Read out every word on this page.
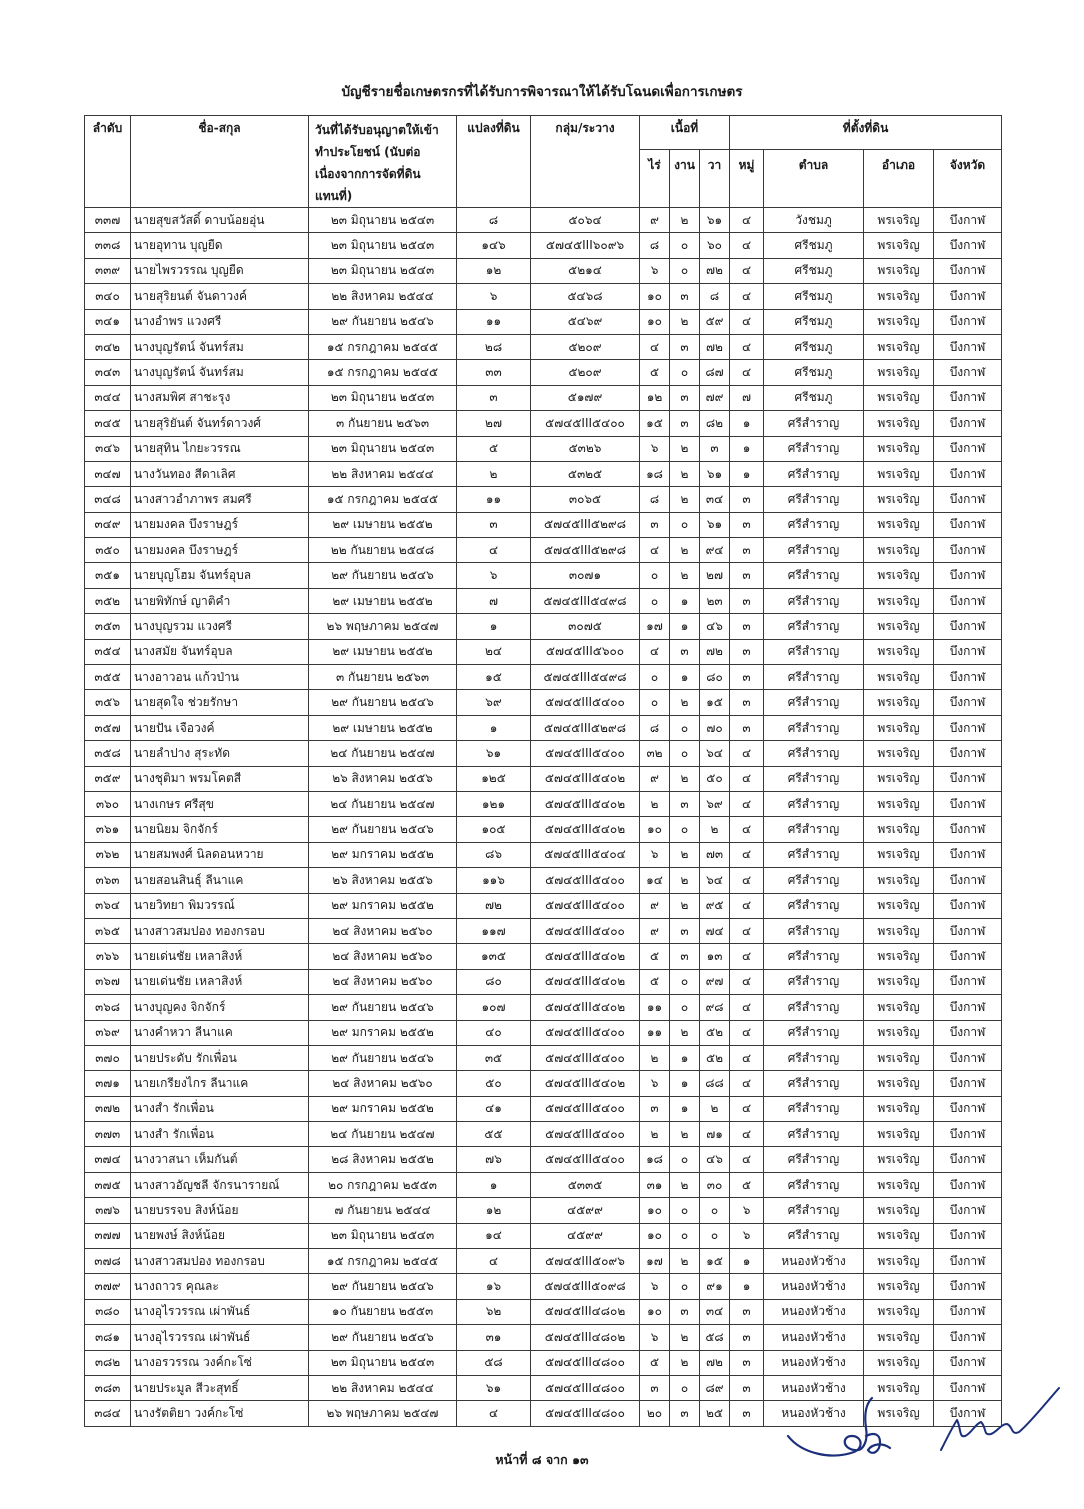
บัญชีรายชื่อเกษตรกรที่ได้รับการพิจารณาให้ได้รับโฉนดเพื่อการเกษตร
ลำดับ	ชื่อ-สกุล	วันที่ได้รับอนุญาตให้เข้าทำประโยชน์ (นับต่อเนื่องจากการจัดที่ดินแทนที่)	แปลงที่ดิน	กลุ่ม/ระวาง	เนื้อที่			ที่ตั้งที่ดิน			
					ไร่	งาน	วา	หมู่	ตำบล	อำเภอ	จังหวัด
๓๓๗	นายสุขสวัสดิ์ ดาบน้อยอุ่น	๒๓ มิถุนายน ๒๕๔๓	๘	๕๐๖๔	๙	๒	๖๑	๔	วังชมภู	พรเจริญ	บึงกาฬ
๓๓๘	นายอุทาน บุญยืด	๒๓ มิถุนายน ๒๕๔๓	๑๔๖	๕๗๔๕III๖๐๙๖	๘	๐	๖๐	๔	ศรีชมภู	พรเจริญ	บึงกาฬ
๓๓๙	นายไพรวรรณ บุญยืด	๒๓ มิถุนายน ๒๕๔๓	๑๒	๕๒๑๔	๖	๐	๗๒	๔	ศรีชมภู	พรเจริญ	บึงกาฬ
๓๔๐	นายสุริยนต์ จันดาวงค์	๒๒ สิงหาคม ๒๕๔๔	๖	๕๔๖๘	๑๐	๓	๘	๔	ศรีชมภู	พรเจริญ	บึงกาฬ
๓๔๑	นางอำพร แวงศรี	๒๙ กันยายน ๒๕๔๖	๑๑	๕๔๖๙	๑๐	๒	๕๙	๔	ศรีชมภู	พรเจริญ	บึงกาฬ
๓๔๒	นางบุญรัตน์ จันทร์สม	๑๕ กรกฎาคม ๒๕๔๕	๒๘	๕๒๐๙	๔	๓	๗๒	๔	ศรีชมภู	พรเจริญ	บึงกาฬ
๓๔๓	นางบุญรัตน์ จันทร์สม	๑๕ กรกฎาคม ๒๕๔๕	๓๓	๕๒๐๙	๕	๐	๘๗	๔	ศรีชมภู	พรเจริญ	บึงกาฬ
๓๔๔	นางสมพิศ สาชะรุง	๒๓ มิถุนายน ๒๕๔๓	๓	๕๑๗๙	๑๒	๓	๗๙	๗	ศรีชมภู	พรเจริญ	บึงกาฬ
๓๔๕	นายสุริยันต์ จันทร์ดาวงศ์	๓ กันยายน ๒๕๖๓	๒๗	๕๗๔๕III๕๔๐๐	๑๕	๓	๘๒	๑	ศรีสำราญ	พรเจริญ	บึงกาฬ
๓๔๖	นายสุทิน ไกยะวรรณ	๒๓ มิถุนายน ๒๕๔๓	๕	๕๓๒๖	๖	๒	๓	๑	ศรีสำราญ	พรเจริญ	บึงกาฬ
๓๔๗	นางวันทอง สีดาเลิศ	๒๒ สิงหาคม ๒๕๔๔	๒	๕๓๒๕	๑๘	๒	๖๑	๑	ศรีสำราญ	พรเจริญ	บึงกาฬ
๓๔๘	นางสาวอำภาพร สมศรี	๑๕ กรกฎาคม ๒๕๔๕	๑๑	๓๐๖๕	๘	๒	๓๔	๓	ศรีสำราญ	พรเจริญ	บึงกาฬ
๓๔๙	นายมงคล บึงราษฎร์	๒๙ เมษายน ๒๕๕๒	๓	๕๗๔๕III๕๒๙๘	๓	๐	๖๑	๓	ศรีสำราญ	พรเจริญ	บึงกาฬ
๓๕๐	นายมงคล บึงราษฎร์	๒๒ กันยายน ๒๕๔๘	๔	๕๗๔๕III๕๒๙๘	๔	๒	๙๔	๓	ศรีสำราญ	พรเจริญ	บึงกาฬ
๓๕๑	นายบุญโฮม จันทร์อุบล	๒๙ กันยายน ๒๕๔๖	๖	๓๐๗๑	๐	๒	๒๗	๓	ศรีสำราญ	พรเจริญ	บึงกาฬ
๓๕๒	นายพิทักษ์ ญาติคำ	๒๙ เมษายน ๒๕๕๒	๗	๕๗๔๕III๕๔๙๘	๐	๑	๒๓	๓	ศรีสำราญ	พรเจริญ	บึงกาฬ
๓๕๓	นางบุญรวม แวงศรี	๒๖ พฤษภาคม ๒๕๔๗	๑	๓๐๗๕	๑๗	๑	๔๖	๓	ศรีสำราญ	พรเจริญ	บึงกาฬ
๓๕๔	นางสมัย จันทร์อุบล	๒๙ เมษายน ๒๕๕๒	๒๔	๕๗๔๕III๕๖๐๐	๔	๓	๗๒	๓	ศรีสำราญ	พรเจริญ	บึงกาฬ
๓๕๕	นางอาวอน แก้วป่าน	๓ กันยายน ๒๕๖๓	๑๕	๕๗๔๕III๕๔๙๘	๐	๑	๘๐	๓	ศรีสำราญ	พรเจริญ	บึงกาฬ
๓๕๖	นายสุดใจ ช่วยรักษา	๒๙ กันยายน ๒๕๔๖	๖๙	๕๗๔๕III๕๔๐๐	๐	๒	๑๕	๓	ศรีสำราญ	พรเจริญ	บึงกาฬ
๓๕๗	นายปัน เจือวงค์	๒๙ เมษายน ๒๕๕๒	๑	๕๗๔๕III๕๒๙๘	๘	๐	๗๐	๓	ศรีสำราญ	พรเจริญ	บึงกาฬ
๓๕๘	นายลำปาง สุระทัด	๒๔ กันยายน ๒๕๔๗	๖๑	๕๗๔๕III๕๔๐๐	๓๒	๐	๖๔	๔	ศรีสำราญ	พรเจริญ	บึงกาฬ
๓๕๙	นางชุติมา พรมโคตสี	๒๖ สิงหาคม ๒๕๕๖	๑๒๕	๕๗๔๕III๕๔๐๒	๙	๒	๕๐	๔	ศรีสำราญ	พรเจริญ	บึงกาฬ
๓๖๐	นางเกษร ศรีสุข	๒๔ กันยายน ๒๕๔๗	๑๒๑	๕๗๔๕III๕๔๐๒	๒	๓	๖๙	๔	ศรีสำราญ	พรเจริญ	บึงกาฬ
๓๖๑	นายนิยม จิกจักร์	๒๙ กันยายน ๒๕๔๖	๑๐๕	๕๗๔๕III๕๔๐๒	๑๐	๐	๒	๔	ศรีสำราญ	พรเจริญ	บึงกาฬ
๓๖๒	นายสมพงศ์ นิลดอนหวาย	๒๙ มกราคม ๒๕๕๒	๘๖	๕๗๔๕III๕๔๐๔	๖	๒	๗๓	๔	ศรีสำราญ	พรเจริญ	บึงกาฬ
๓๖๓	นายสอนสินธุ์ ลีนาแค	๒๖ สิงหาคม ๒๕๕๖	๑๑๖	๕๗๔๕III๕๔๐๐	๑๔	๒	๖๔	๔	ศรีสำราญ	พรเจริญ	บึงกาฬ
๓๖๔	นายวิทยา พิมวรรณ์	๒๙ มกราคม ๒๕๕๒	๗๒	๕๗๔๕III๕๔๐๐	๙	๒	๙๕	๔	ศรีสำราญ	พรเจริญ	บึงกาฬ
๓๖๕	นางสาวสมปอง ทองกรอบ	๒๔ สิงหาคม ๒๕๖๐	๑๑๗	๕๗๔๕III๕๔๐๐	๙	๓	๗๔	๔	ศรีสำราญ	พรเจริญ	บึงกาฬ
๓๖๖	นายเด่นชัย เหลาสิงห์	๒๔ สิงหาคม ๒๕๖๐	๑๓๕	๕๗๔๕III๕๔๐๒	๕	๓	๑๓	๔	ศรีสำราญ	พรเจริญ	บึงกาฬ
๓๖๗	นายเด่นชัย เหลาสิงห์	๒๔ สิงหาคม ๒๕๖๐	๘๐	๕๗๔๕III๕๔๐๒	๕	๐	๙๗	๔	ศรีสำราญ	พรเจริญ	บึงกาฬ
๓๖๘	นางบุญคง จิกจักร์	๒๙ กันยายน ๒๕๔๖	๑๐๗	๕๗๔๕III๕๔๐๒	๑๑	๐	๙๘	๔	ศรีสำราญ	พรเจริญ	บึงกาฬ
๓๖๙	นางคำหวา ลีนาแค	๒๙ มกราคม ๒๕๕๒	๔๐	๕๗๔๕III๕๔๐๐	๑๑	๒	๕๒	๔	ศรีสำราญ	พรเจริญ	บึงกาฬ
๓๗๐	นายประดับ รักเพื่อน	๒๙ กันยายน ๒๕๔๖	๓๕	๕๗๔๕III๕๔๐๐	๒	๑	๕๒	๔	ศรีสำราญ	พรเจริญ	บึงกาฬ
๓๗๑	นายเกรียงไกร ลีนาแค	๒๔ สิงหาคม ๒๕๖๐	๕๐	๕๗๔๕III๕๔๐๒	๖	๑	๘๘	๔	ศรีสำราญ	พรเจริญ	บึงกาฬ
๓๗๒	นางสำ รักเพื่อน	๒๙ มกราคม ๒๕๕๒	๔๑	๕๗๔๕III๕๔๐๐	๓	๑	๒	๔	ศรีสำราญ	พรเจริญ	บึงกาฬ
๓๗๓	นางสำ รักเพื่อน	๒๔ กันยายน ๒๕๔๗	๕๕	๕๗๔๕III๕๔๐๐	๒	๒	๗๑	๔	ศรีสำราญ	พรเจริญ	บึงกาฬ
๓๗๔	นางวาสนา เห็มกันต์	๒๘ สิงหาคม ๒๕๕๒	๗๖	๕๗๔๕III๕๔๐๐	๑๘	๐	๔๖	๔	ศรีสำราญ	พรเจริญ	บึงกาฬ
๓๗๕	นางสาวอัญชลี จักรนารายณ์	๒๐ กรกฎาคม ๒๕๕๓	๑	๕๓๓๕	๓๑	๒	๓๐	๕	ศรีสำราญ	พรเจริญ	บึงกาฬ
๓๗๖	นายบรรจบ สิงห์น้อย	๗ กันยายน ๒๕๔๔	๑๒	๔๕๙๙	๑๐	๐	๐	๖	ศรีสำราญ	พรเจริญ	บึงกาฬ
๓๗๗	นายพงษ์ สิงห์น้อย	๒๓ มิถุนายน ๒๕๔๓	๑๔	๔๕๙๙	๑๐	๐	๐	๖	ศรีสำราญ	พรเจริญ	บึงกาฬ
๓๗๘	นางสาวสมปอง ทองกรอบ	๑๕ กรกฎาคม ๒๕๔๕	๔	๕๗๔๕III๕๐๙๖	๑๗	๒	๑๕	๑	หนองหัวช้าง	พรเจริญ	บึงกาฬ
๓๗๙	นางถาวร คุณละ	๒๙ กันยายน ๒๕๔๖	๑๖	๕๗๔๕III๕๐๙๘	๖	๐	๙๑	๑	หนองหัวช้าง	พรเจริญ	บึงกาฬ
๓๘๐	นางอุไรวรรณ เผ่าพันธ์	๑๐ กันยายน ๒๕๕๓	๖๒	๕๗๔๕III๔๘๐๒	๑๐	๓	๓๔	๓	หนองหัวช้าง	พรเจริญ	บึงกาฬ
๓๘๑	นางอุไรวรรณ เผ่าพันธ์	๒๙ กันยายน ๒๕๔๖	๓๑	๕๗๔๕III๔๘๐๒	๖	๒	๕๘	๓	หนองหัวช้าง	พรเจริญ	บึงกาฬ
๓๘๒	นางอรวรรณ วงค์กะโซ่	๒๓ มิถุนายน ๒๕๔๓	๕๘	๕๗๔๕III๔๘๐๐	๕	๒	๗๒	๓	หนองหัวช้าง	พรเจริญ	บึงกาฬ
๓๘๓	นายประมูล สีวะสุทธิ์	๒๒ สิงหาคม ๒๕๔๔	๖๑	๕๗๔๕III๔๘๐๐	๓	๐	๘๙	๓	หนองหัวช้าง	พรเจริญ	บึงกาฬ
๓๘๔	นางรัตติยา วงค์กะโซ่	๒๖ พฤษภาคม ๒๕๔๗	๔	๕๗๔๕III๔๘๐๐	๒๐	๓	๒๕	๓	หนองหัวช้าง	พรเจริญ	บึงกาฬ
หน้าที่ ๘ จาก ๑๓
